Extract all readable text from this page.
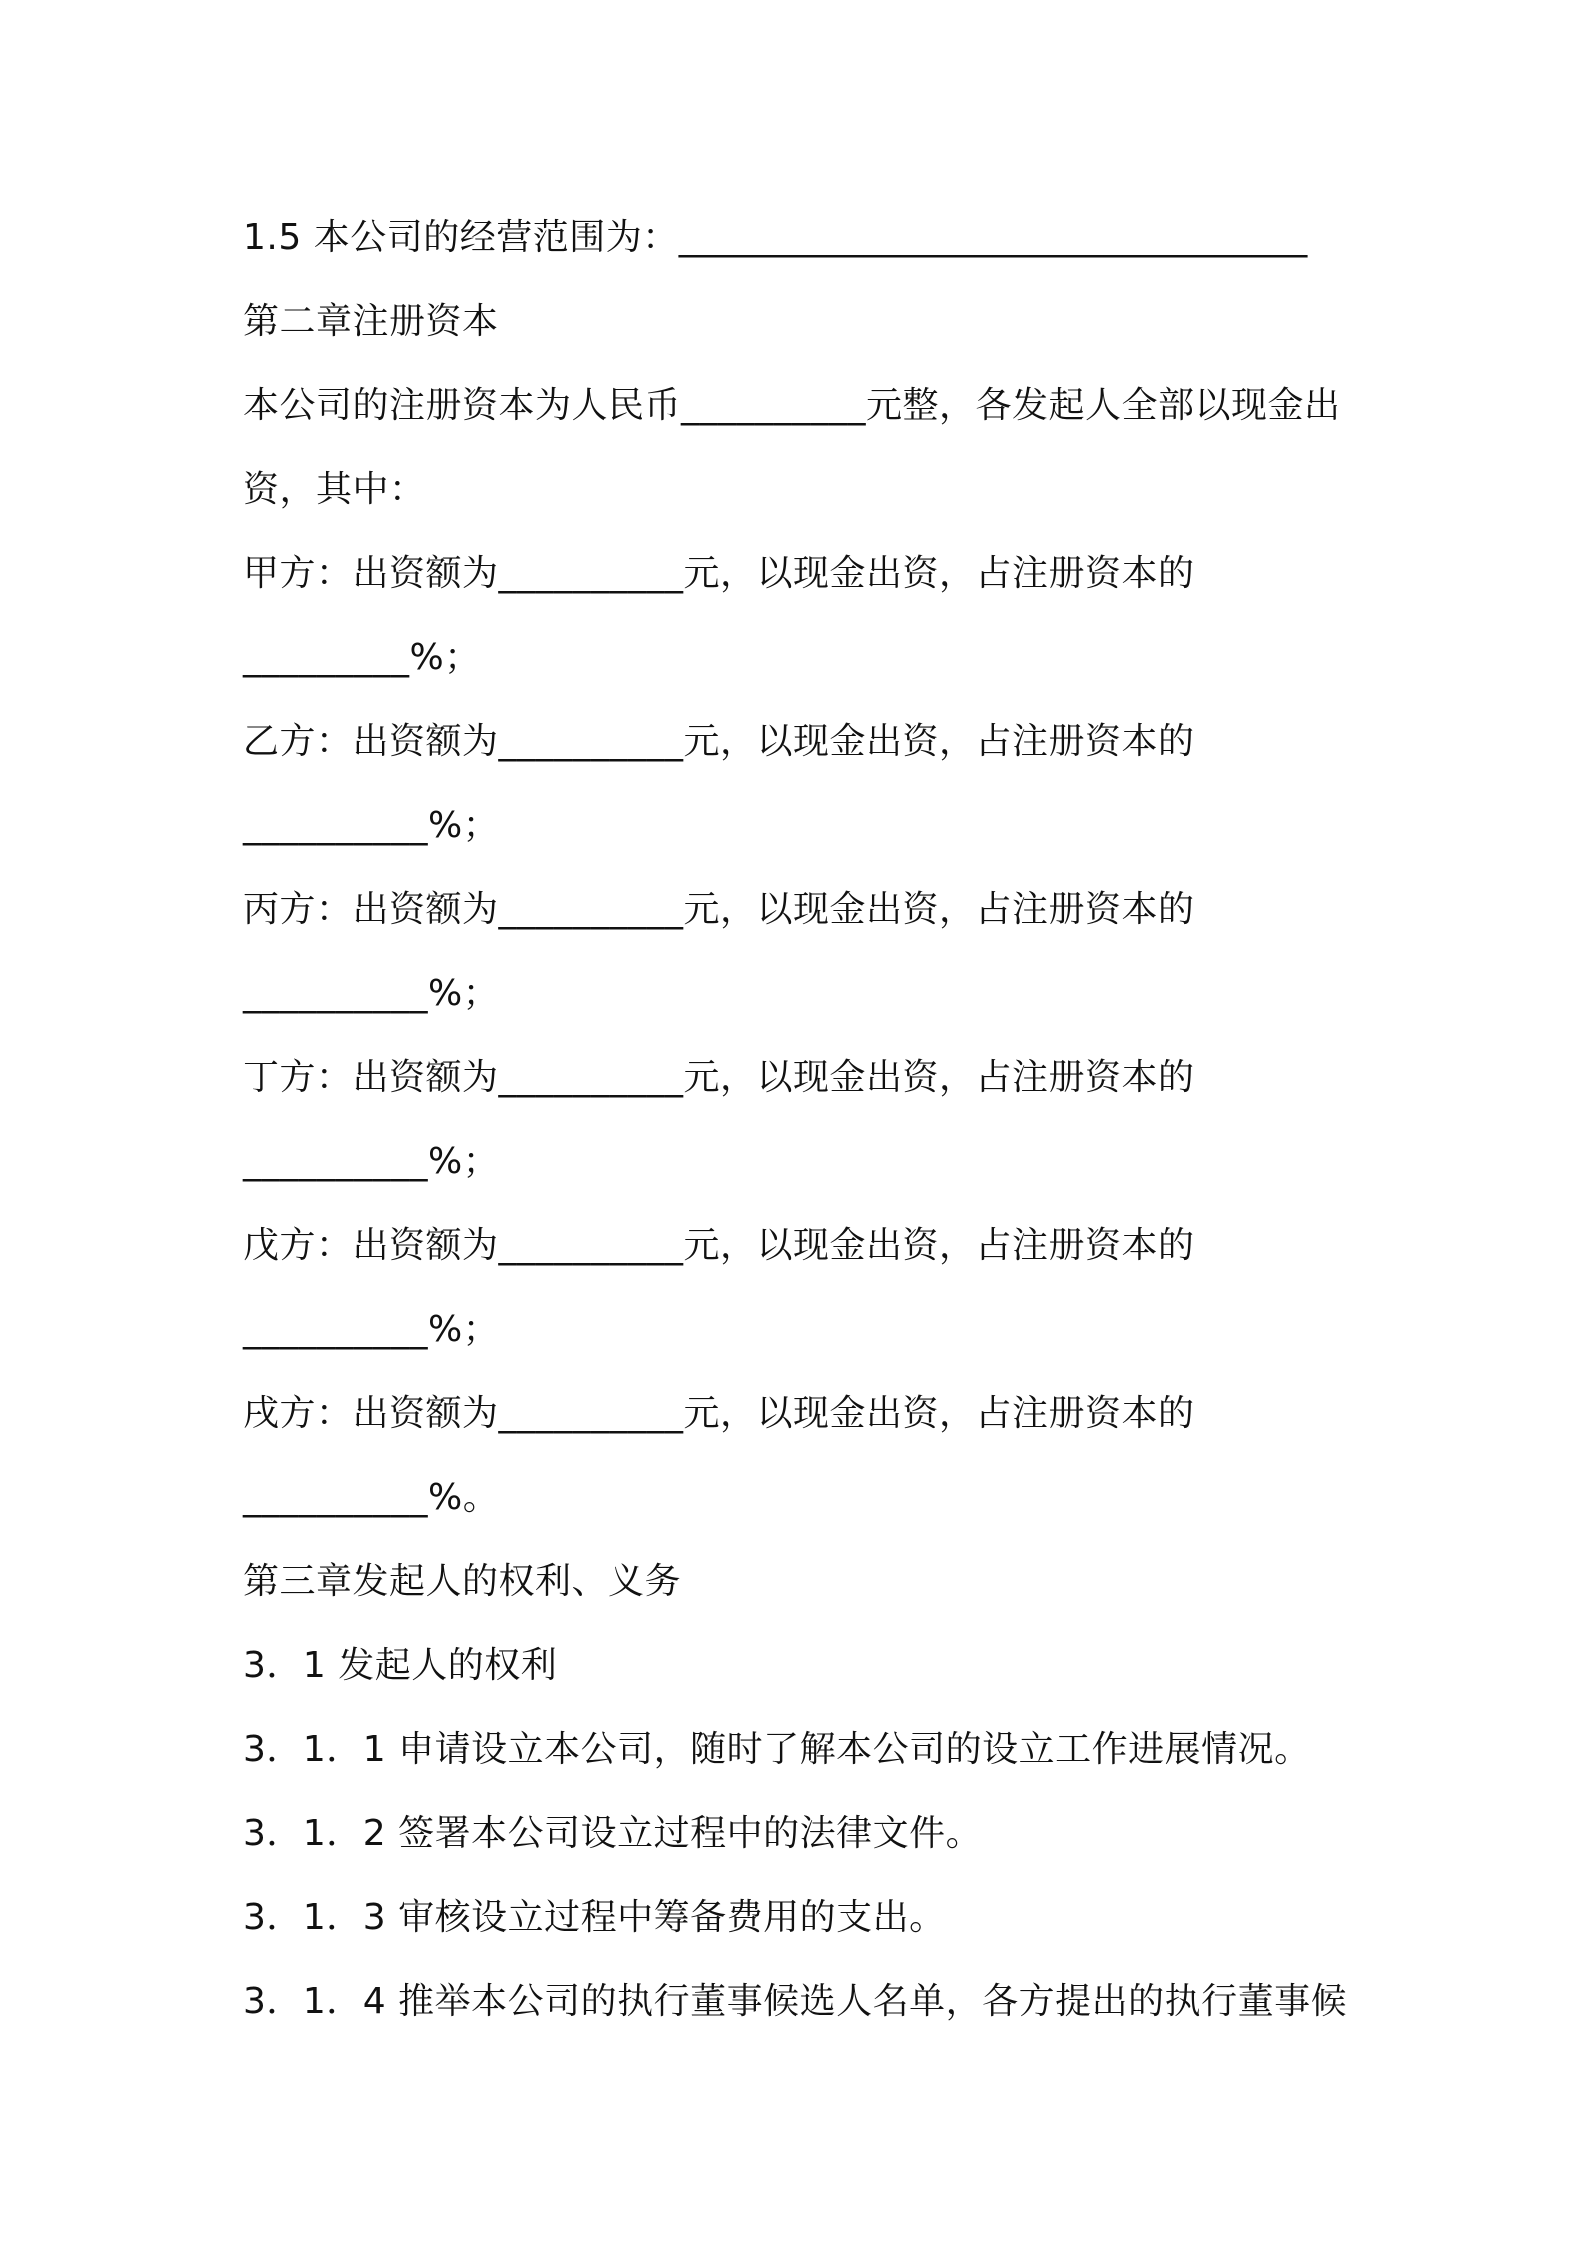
1.5 本公司的经营范围为：__________________________________
第二章注册资本
本公司的注册资本为人民币__________元整，各发起人全部以现金出
资，其中：
甲方：出资额为__________元，以现金出资，占注册资本的
_________%；
乙方：出资额为__________元，以现金出资，占注册资本的
__________%；
丙方：出资额为__________元，以现金出资，占注册资本的
__________%；
丁方：出资额为__________元，以现金出资，占注册资本的
__________%；
戊方：出资额为__________元，以现金出资，占注册资本的
__________%；
戌方：出资额为__________元，以现金出资，占注册资本的
__________%。
第三章发起人的权利、义务
3．1 发起人的权利
3．1．1 申请设立本公司，随时了解本公司的设立工作进展情况。
3．1．2 签署本公司设立过程中的法律文件。
3．1．3 审核设立过程中筹备费用的支出。
3．1．4 推举本公司的执行董事候选人名单，各方提出的执行董事候
